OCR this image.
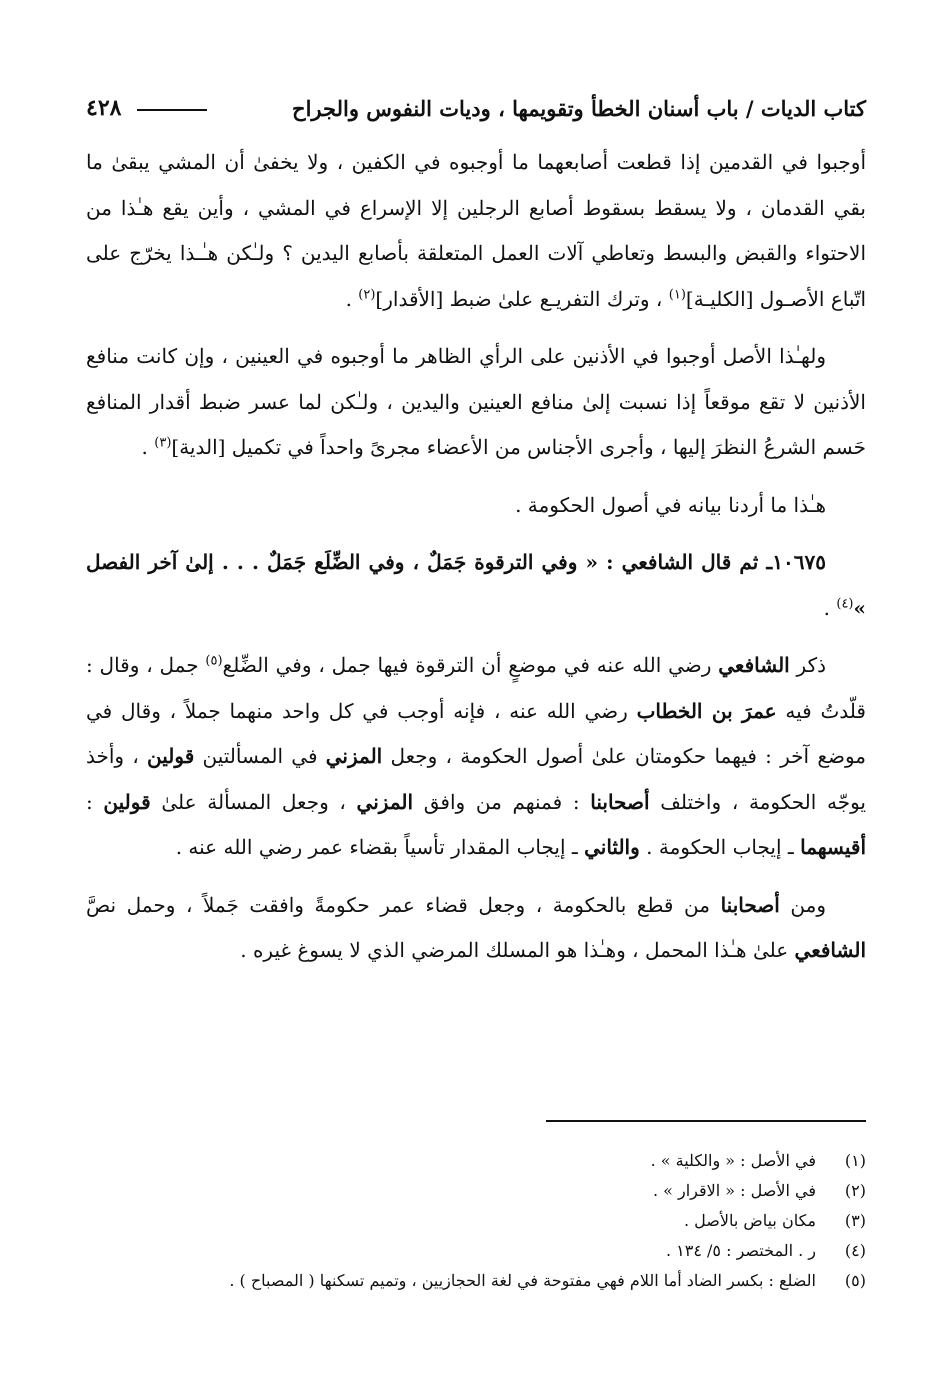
كتاب الديات / باب أسنان الخطأ وتقويمها ، وديات النفوس والجراح
٤٢٨

أوجبوا في القدمين إذا قطعت أصابعهما ما أوجبوه في الكفين ، ولا يخفىٰ أن المشي يبقىٰ ما بقي القدمان ، ولا يسقط بسقوط أصابع الرجلين إلا الإسراع في المشي ، وأين يقع هـٰذا من الاحتواء والقبض والبسط وتعاطي آلات العمل المتعلقة بأصابع اليدين ؟ ولـٰكن هـٰـذا يخرّج على اتّباع الأصـول [الكليـة]$^{(١)}$ ، وترك التفريـع علىٰ ضبط [الأقدار]$^{(٢)}$ .

ولهـٰذا الأصل أوجبوا في الأذنين على الرأي الظاهر ما أوجبوه في العينين ، وإن كانت منافع الأذنين لا تقع موقعاً إذا نسبت إلىٰ منافع العينين واليدين ، ولـٰكن لما عسر ضبط أقدار المنافع حَسم الشرعُ النظرَ إليها ، وأجرى الأجناس من الأعضاء مجرىً واحداً في تكميل [الدية]$^{(٣)}$ .

هـٰذا ما أردنا بيانه في أصول الحكومة .

١٠٦٧٥ـ ثم قال الشافعي : « وفي الترقوة جَمَلٌ ، وفي الضِّلَع جَمَلٌ . . . إلىٰ آخر الفصل »$^{(٤)}$ .

ذكر الشافعي رضي الله عنه في موضعٍ أن الترقوة فيها جمل ، وفي الضِّلع$^{(٥)}$ جمل ، وقال : قلّدتُ فيه عمرَ بن الخطاب رضي الله عنه ، فإنه أوجب في كل واحد منهما جملاً ، وقال في موضع آخر : فيهما حكومتان علىٰ أصول الحكومة ، وجعل المزني في المسألتين قولين ، وأخذ يوجّه الحكومة ، واختلف أصحابنا : فمنهم من وافق المزني ، وجعل المسألة علىٰ قولين : أقيسهما ـ إيجاب الحكومة . والثاني ـ إيجاب المقدار تأسياً بقضاء عمر رضي الله عنه .

ومن أصحابنا من قطع بالحكومة ، وجعل قضاء عمر حكومةً وافقت جَملاً ، وحمل نصَّ الشافعي علىٰ هـٰذا المحمل ، وهـٰذا هو المسلك المرضي الذي لا يسوغ غيره .

(١)
في الأصل : « والكلية » .
(٢)
في الأصل : « الاقرار » .
(٣)
مكان بياض بالأصل .
(٤)
ر . المختصر : ٥/ ١٣٤ .
(٥)
الضلع : بكسر الضاد أما اللام فهي مفتوحة في لغة الحجازيين ، وتميم تسكنها ( المصباح ) .
